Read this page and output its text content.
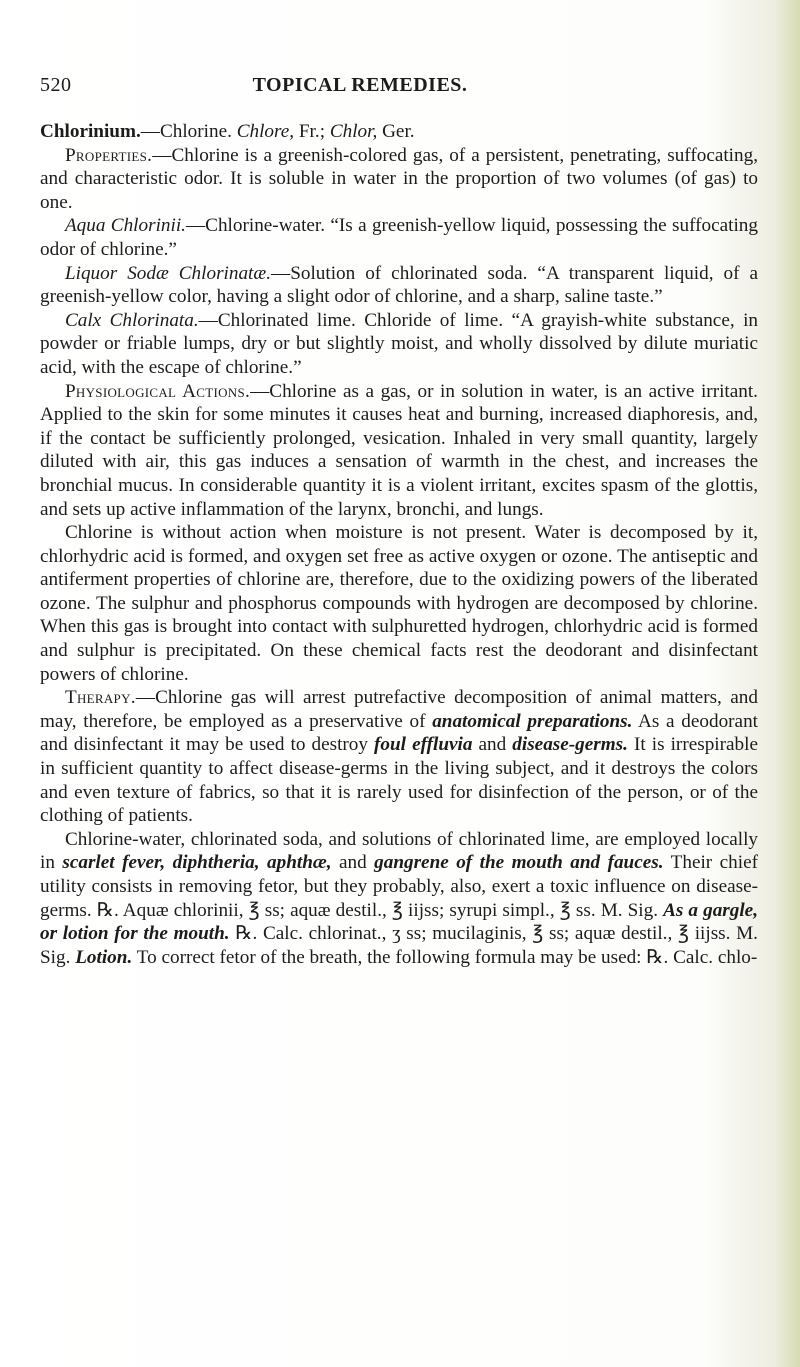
520	TOPICAL REMEDIES.

Chlorinium.—Chlorine. Chlore, Fr.; Chlor, Ger.

Properties.—Chlorine is a greenish-colored gas, of a persistent, penetrating, suffocating, and characteristic odor. It is soluble in water in the proportion of two volumes (of gas) to one.

Aqua Chlorinii.—Chlorine-water. “Is a greenish-yellow liquid, possessing the suffocating odor of chlorine.”

Liquor Sodæ Chlorinatæ.—Solution of chlorinated soda. “A transparent liquid, of a greenish-yellow color, having a slight odor of chlorine, and a sharp, saline taste.”

Calx Chlorinata.—Chlorinated lime. Chloride of lime. “A grayish-white substance, in powder or friable lumps, dry or but slightly moist, and wholly dissolved by dilute muriatic acid, with the escape of chlorine.”

Physiological Actions.—Chlorine as a gas, or in solution in water, is an active irritant. Applied to the skin for some minutes it causes heat and burning, increased diaphoresis, and, if the contact be sufficiently prolonged, vesication. Inhaled in very small quantity, largely diluted with air, this gas induces a sensation of warmth in the chest, and increases the bronchial mucus. In considerable quantity it is a violent irritant, excites spasm of the glottis, and sets up active inflammation of the larynx, bronchi, and lungs.

Chlorine is without action when moisture is not present. Water is decomposed by it, chlorhydric acid is formed, and oxygen set free as active oxygen or ozone. The antiseptic and antiferment properties of chlorine are, therefore, due to the oxidizing powers of the liberated ozone. The sulphur and phosphorus compounds with hydrogen are decomposed by chlorine. When this gas is brought into contact with sulphuretted hydrogen, chlorhydric acid is formed and sulphur is precipitated. On these chemical facts rest the deodorant and disinfectant powers of chlorine.

Therapy.—Chlorine gas will arrest putrefactive decomposition of animal matters, and may, therefore, be employed as a preservative of anatomical preparations. As a deodorant and disinfectant it may be used to destroy foul effluvia and disease-germs. It is irrespirable in sufficient quantity to affect disease-germs in the living subject, and it destroys the colors and even texture of fabrics, so that it is rarely used for disinfection of the person, or of the clothing of patients.

Chlorine-water, chlorinated soda, and solutions of chlorinated lime, are employed locally in scarlet fever, diphtheria, aphthæ, and gangrene of the mouth and fauces. Their chief utility consists in removing fetor, but they probably, also, exert a toxic influence on disease-germs. ℞. Aquæ chlorinii, ℥ ss; aquæ destil., ℥ iijss; syrupi simpl., ℥ ss. M. Sig. As a gargle, or lotion for the mouth. ℞. Calc. chlorinat., ʒ ss; mucilaginis, ℥ ss; aquæ destil., ℥ iijss. M. Sig. Lotion. To correct fetor of the breath, the following formula may be used: ℞. Calc. chlo-
